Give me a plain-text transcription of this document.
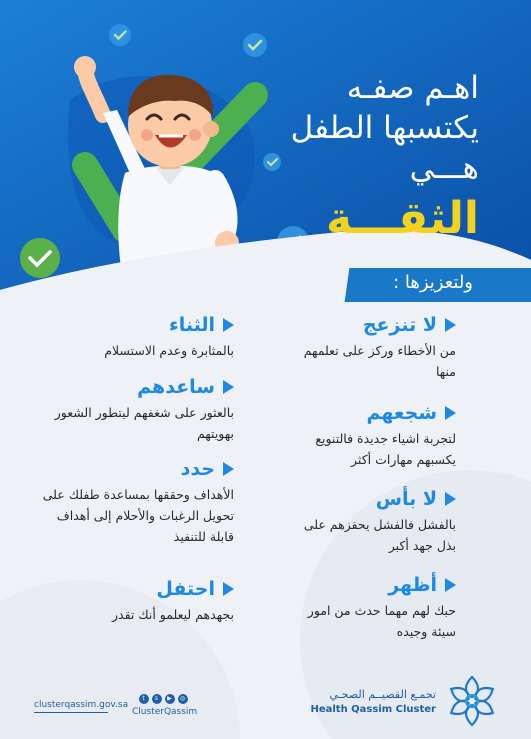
اهـم صفـه
يكتسبها الطفل
هـــي
الثقـــة
ولتعزيزها :
لا تنزعج
من الأخطاء وركز على تعلمهم منها
شجعهم
لتجربة اشياء جديدة فالتنويع يكسبهم مهارات أكثر
لا بأس
بالفشل فالفشل يحفزهم على بذل جهد أكبر
أظهر
حبك لهم مهما حدث من امور سيئة وجيده
الثناء
بالمثابرة وعدم الاستسلام
ساعدهم
بالعثور على شغفهم ليتطور الشعور بهويتهم
حدد
الأهداف وحققها بمساعدة طفلك على تحويل الرغبات والأحلام إلى أهداف قابلة للتنفيذ
احتفل
بجهدهم ليعلمو أنك تقدر
clusterqassim.gov.sa
t	s	▶	◎
ClusterQassim
تجمـع القصيــم الصحـي
Health Qassim Cluster
